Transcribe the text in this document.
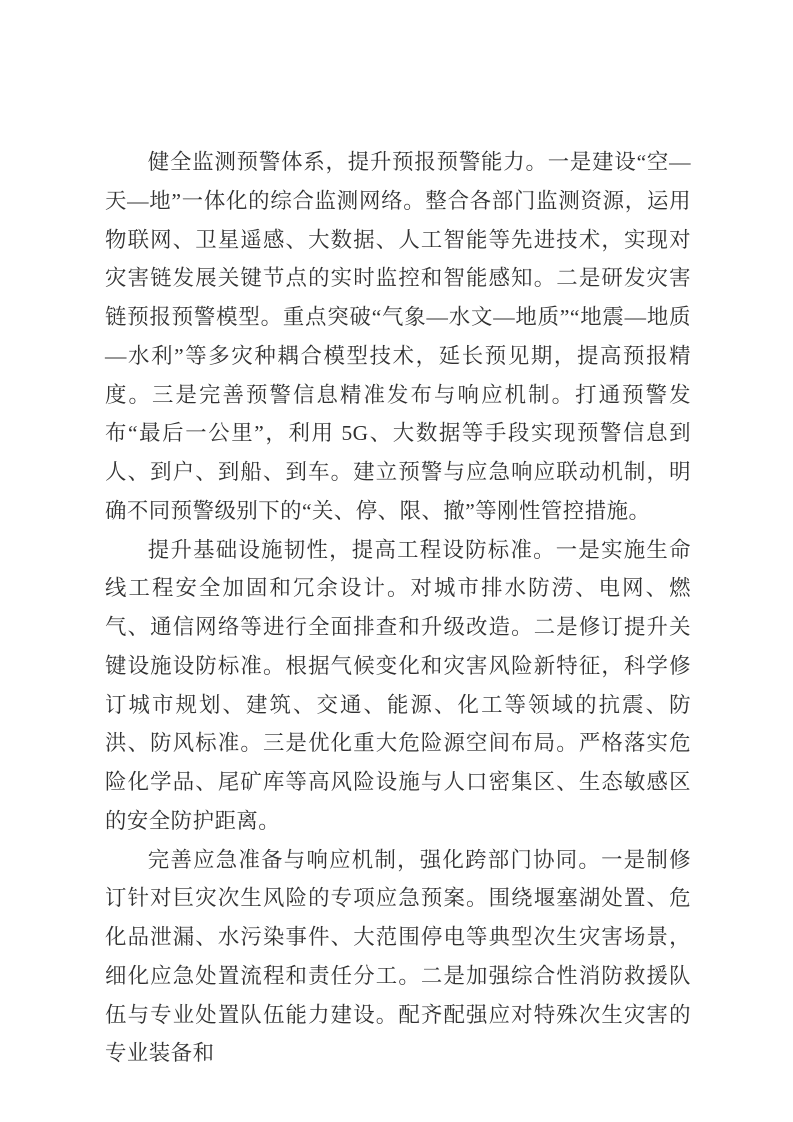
健全监测预警体系，提升预报预警能力。一是建设“空—天—地”一体化的综合监测网络。整合各部门监测资源，运用物联网、卫星遥感、大数据、人工智能等先进技术，实现对灾害链发展关键节点的实时监控和智能感知。二是研发灾害链预报预警模型。重点突破“气象—水文—地质”“地震—地质—水利”等多灾种耦合模型技术，延长预见期，提高预报精度。三是完善预警信息精准发布与响应机制。打通预警发布“最后一公里”，利用 5G、大数据等手段实现预警信息到人、到户、到船、到车。建立预警与应急响应联动机制，明确不同预警级别下的“关、停、限、撤”等刚性管控措施。

提升基础设施韧性，提高工程设防标准。一是实施生命线工程安全加固和冗余设计。对城市排水防涝、电网、燃气、通信网络等进行全面排查和升级改造。二是修订提升关键设施设防标准。根据气候变化和灾害风险新特征，科学修订城市规划、建筑、交通、能源、化工等领域的抗震、防洪、防风标准。三是优化重大危险源空间布局。严格落实危险化学品、尾矿库等高风险设施与人口密集区、生态敏感区的安全防护距离。

完善应急准备与响应机制，强化跨部门协同。一是制修订针对巨灾次生风险的专项应急预案。围绕堰塞湖处置、危化品泄漏、水污染事件、大范围停电等典型次生灾害场景，细化应急处置流程和责任分工。二是加强综合性消防救援队伍与专业处置队伍能力建设。配齐配强应对特殊次生灾害的专业装备和
